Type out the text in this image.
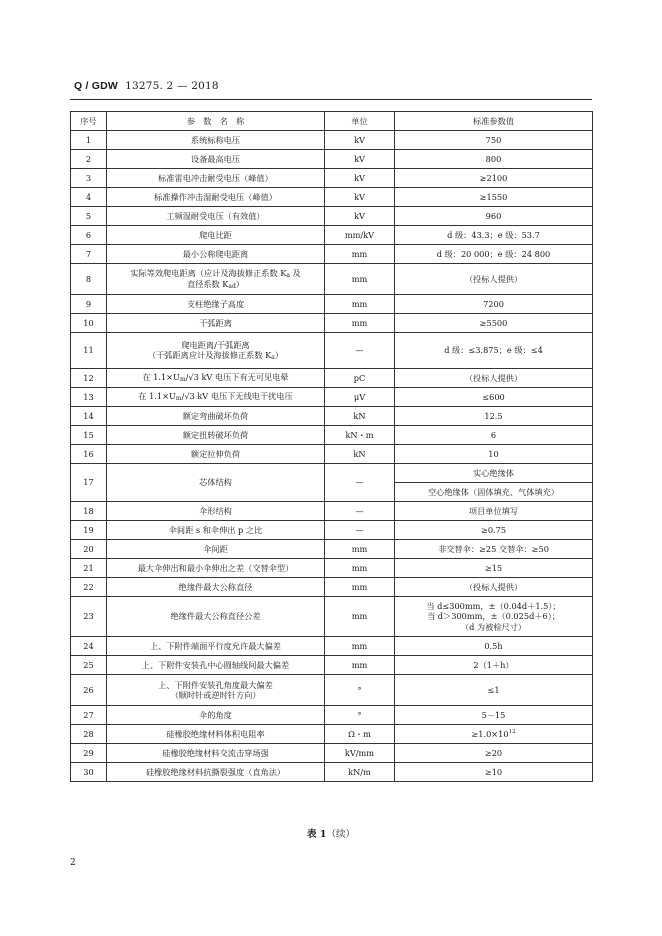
Q / GDW 13275. 2 — 2018
序号	参　数　名　称	单位	标准参数值
1	系统标称电压	kV	750
2	设备最高电压	kV	800
3	标准雷电冲击耐受电压（峰值）	kV	≥2100
4	标准操作冲击湿耐受电压（峰值）	kV	≥1550
5	工频湿耐受电压（有效值）	kV	960
6	爬电比距	mm/kV	d 级：43.3；e 级：53.7
7	最小公称爬电距离	mm	d 级：20 000；e 级：24 800
8	实际等效爬电距离（应计及海拔修正系数 Ka 及
直径系数 Kad）	mm	（投标人提供）
9	支柱绝缘子高度	mm	7200
10	干弧距离	mm	≥5500
11	爬电距离/干弧距离
（干弧距离应计及海拔修正系数 Ka）	—	d 级：≤3.875；e 级：≤4
12	在 1.1×Um/√3 kV 电压下有无可见电晕	pC	（投标人提供）
13	在 1.1×Um/√3 kV 电压下无线电干扰电压	μV	≤600
14	额定弯曲破坏负荷	kN	12.5
15	额定扭转破坏负荷	kN・m	6
16	额定拉伸负荷	kN	10
17	芯体结构	—	实心绝缘体
			空心绝缘体（固体填充、气体填充）
18	伞形结构	—	项目单位填写
19	伞间距 s 和伞伸出 p 之比	—	≥0.75
20	伞间距	mm	非交替伞：≥25 交替伞：≥50
21	最大伞伸出和最小伞伸出之差（交替伞型）	mm	≥15
22	绝缘件最大公称直径	mm	（投标人提供）
23	绝缘件最大公称直径公差	mm	当 d≤300mm，±（0.04d＋1.5）；
当 d＞300mm，±（0.025d＋6）；
（d 为被检尺寸）
24	上、下附件端面平行度允许最大偏差	mm	0.5h
25	上、下附件安装孔中心圆轴线间最大偏差	mm	2（1＋h）
26	上、下附件安装孔角度最大偏差
（顺时针或逆时针方向）	°	≤1
27	伞的角度	°	5－15
28	硅橡胶绝缘材料体积电阻率	Ω・m	$\ge 1.0\times 10^{12}$
29	硅橡胶绝缘材料交流击穿场强	kV/mm	≥20
30	硅橡胶绝缘材料抗撕裂强度（直角法）	kN/m	≥10
表 1（续）
2
